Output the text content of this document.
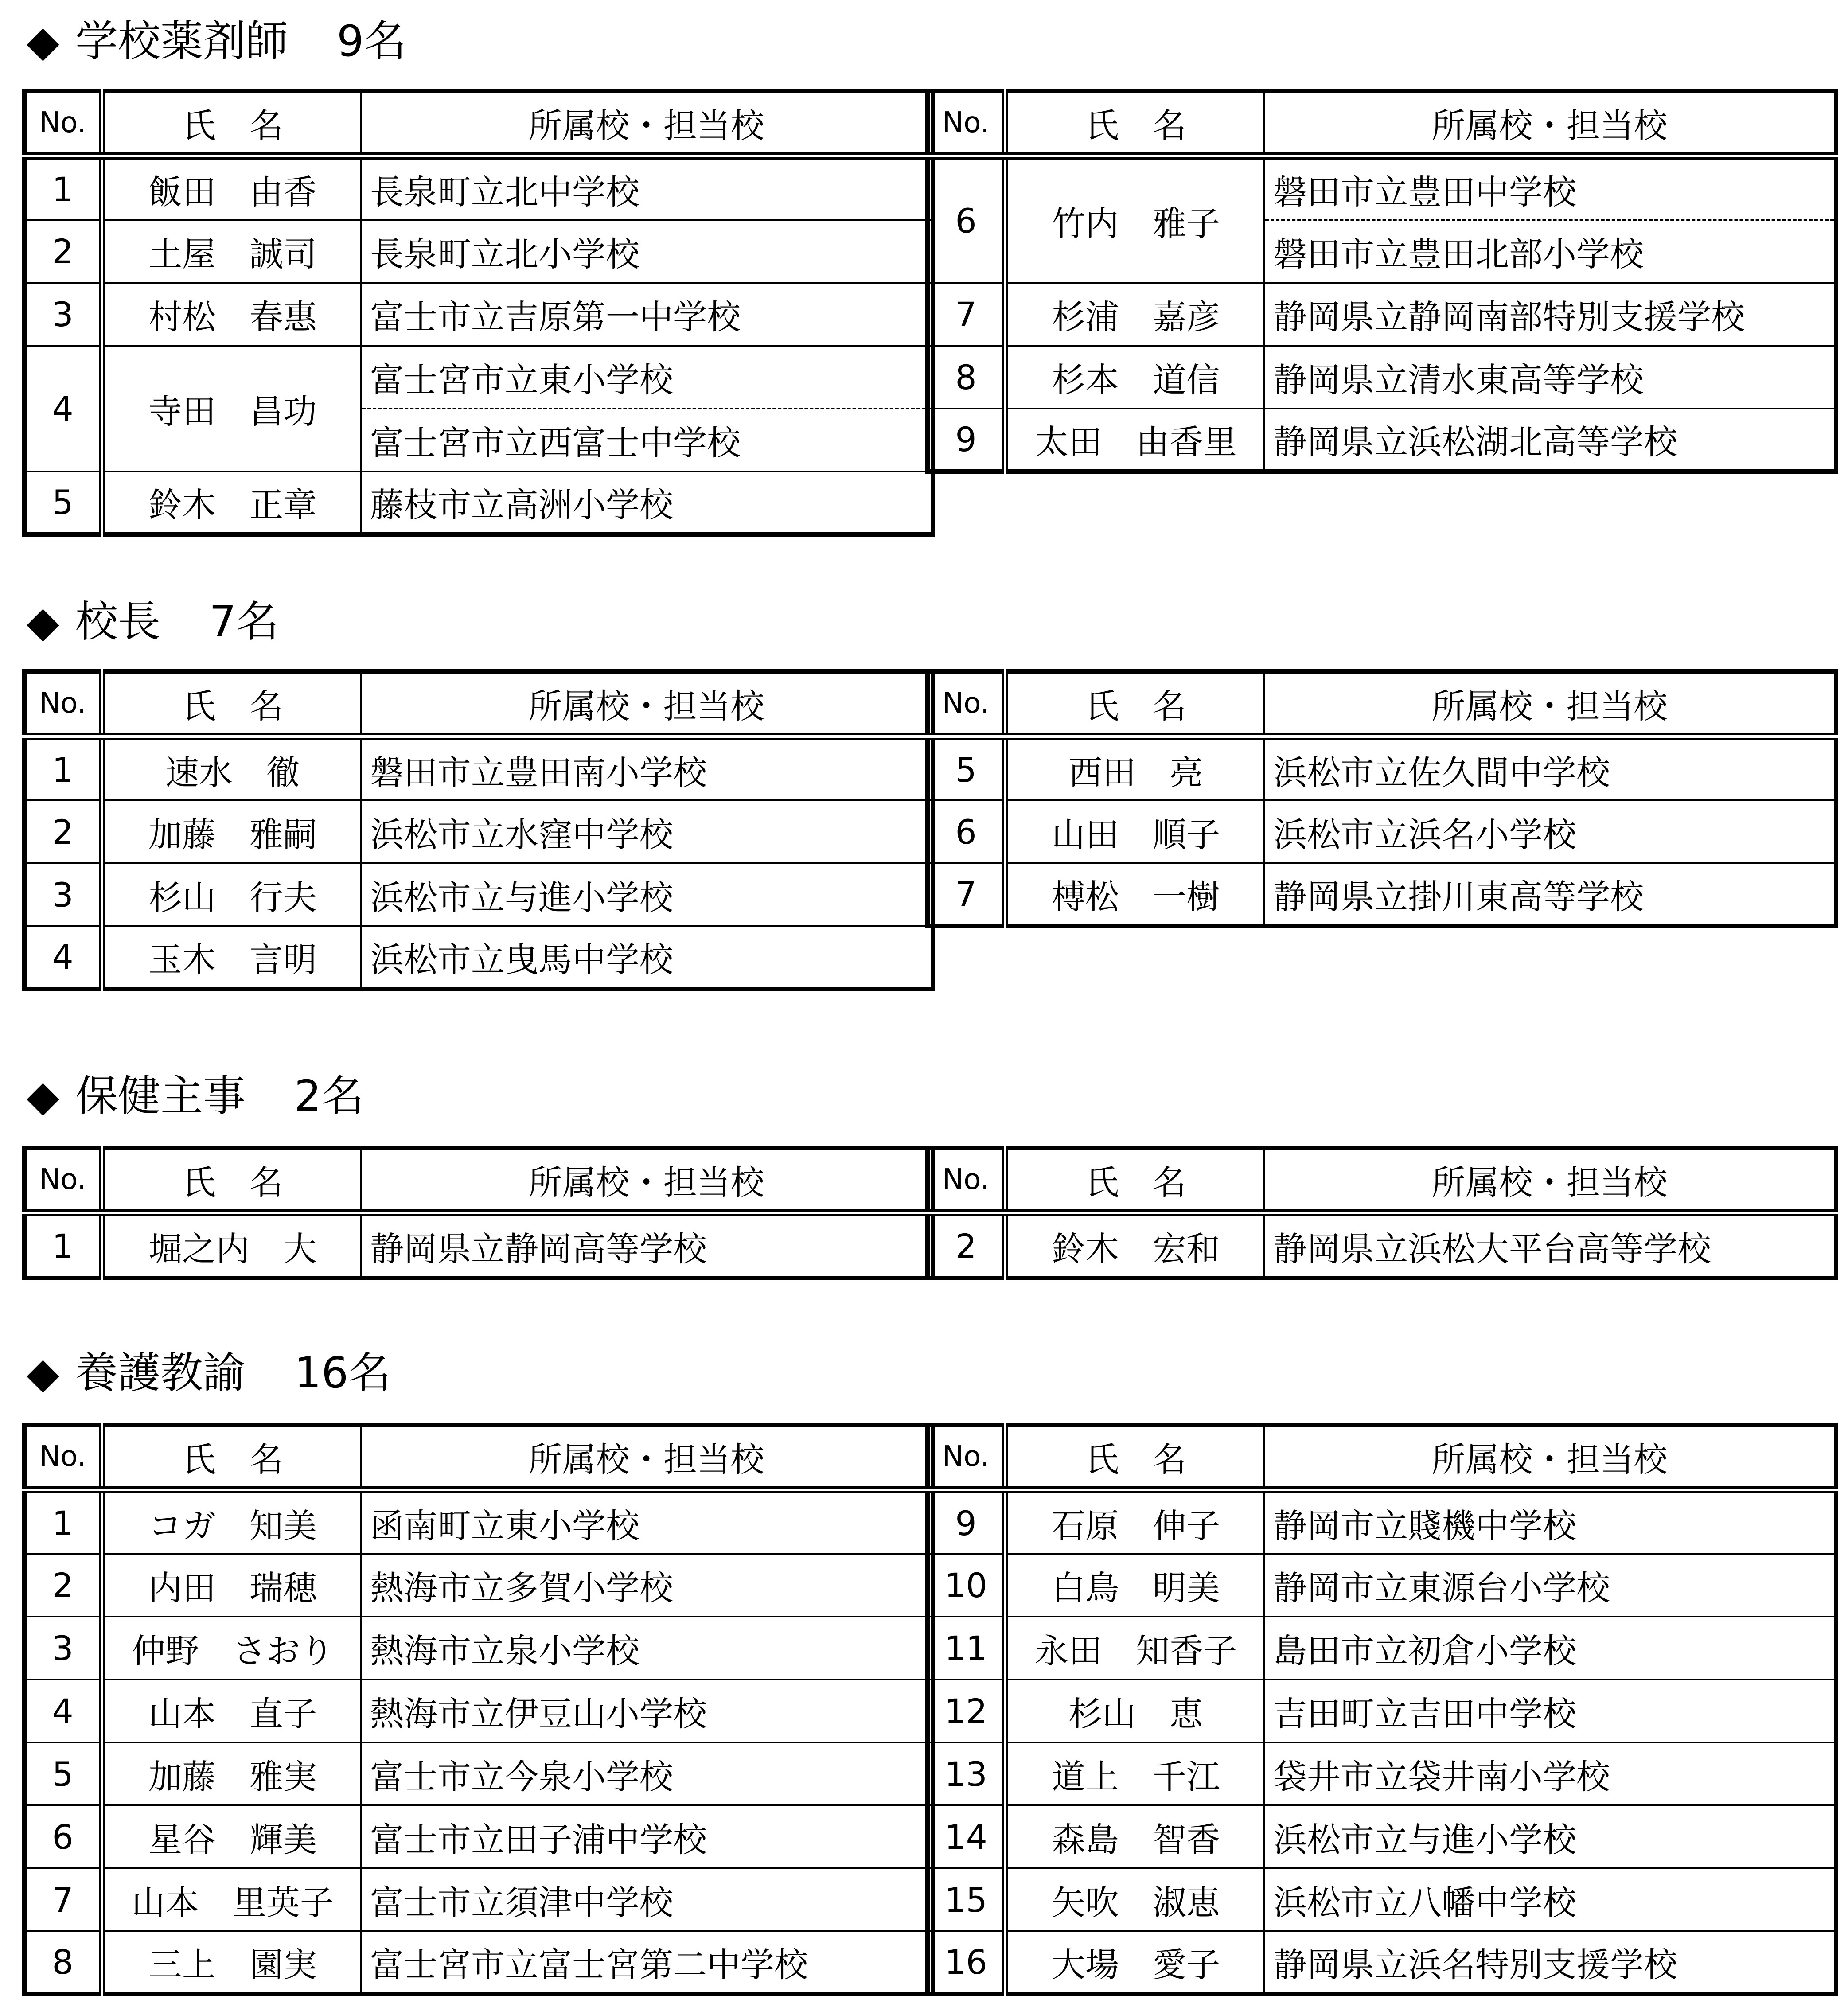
◆ 学校薬剤師 9名
No.	氏　名	所属校・担当校
1	飯田　由香	長泉町立北中学校
2	土屋　誠司	長泉町立北小学校
3	村松　春惠	富士市立吉原第一中学校
4	寺田　昌功	富士宮市立東小学校
		富士宮市立西富士中学校
5	鈴木　正章	藤枝市立高洲小学校
No.	氏　名	所属校・担当校
6	竹内　雅子	磐田市立豊田中学校
		磐田市立豊田北部小学校
7	杉浦　嘉彦	静岡県立静岡南部特別支援学校
8	杉本　道信	静岡県立清水東高等学校
9	太田　由香里	静岡県立浜松湖北高等学校
◆ 校長 7名
No.	氏　名	所属校・担当校
1	速水　徹	磐田市立豊田南小学校
2	加藤　雅嗣	浜松市立水窪中学校
3	杉山　行夫	浜松市立与進小学校
4	玉木　言明	浜松市立曳馬中学校
No.	氏　名	所属校・担当校
5	西田　亮	浜松市立佐久間中学校
6	山田　順子	浜松市立浜名小学校
7	榑松　一樹	静岡県立掛川東高等学校
◆ 保健主事 2名
No.	氏　名	所属校・担当校
1	堀之内　大	静岡県立静岡高等学校
No.	氏　名	所属校・担当校
2	鈴木　宏和	静岡県立浜松大平台高等学校
◆ 養護教諭 16名
No.	氏　名	所属校・担当校
1	コガ　知美	函南町立東小学校
2	内田　瑞穂	熱海市立多賀小学校
3	仲野　さおり	熱海市立泉小学校
4	山本　直子	熱海市立伊豆山小学校
5	加藤　雅実	富士市立今泉小学校
6	星谷　輝美	富士市立田子浦中学校
7	山本　里英子	富士市立須津中学校
8	三上　園実	富士宮市立富士宮第二中学校
No.	氏　名	所属校・担当校
9	石原　伸子	静岡市立賤機中学校
10	白鳥　明美	静岡市立東源台小学校
11	永田　知香子	島田市立初倉小学校
12	杉山　恵	吉田町立吉田中学校
13	道上　千江	袋井市立袋井南小学校
14	森島　智香	浜松市立与進小学校
15	矢吹　淑恵	浜松市立八幡中学校
16	大場　愛子	静岡県立浜名特別支援学校
